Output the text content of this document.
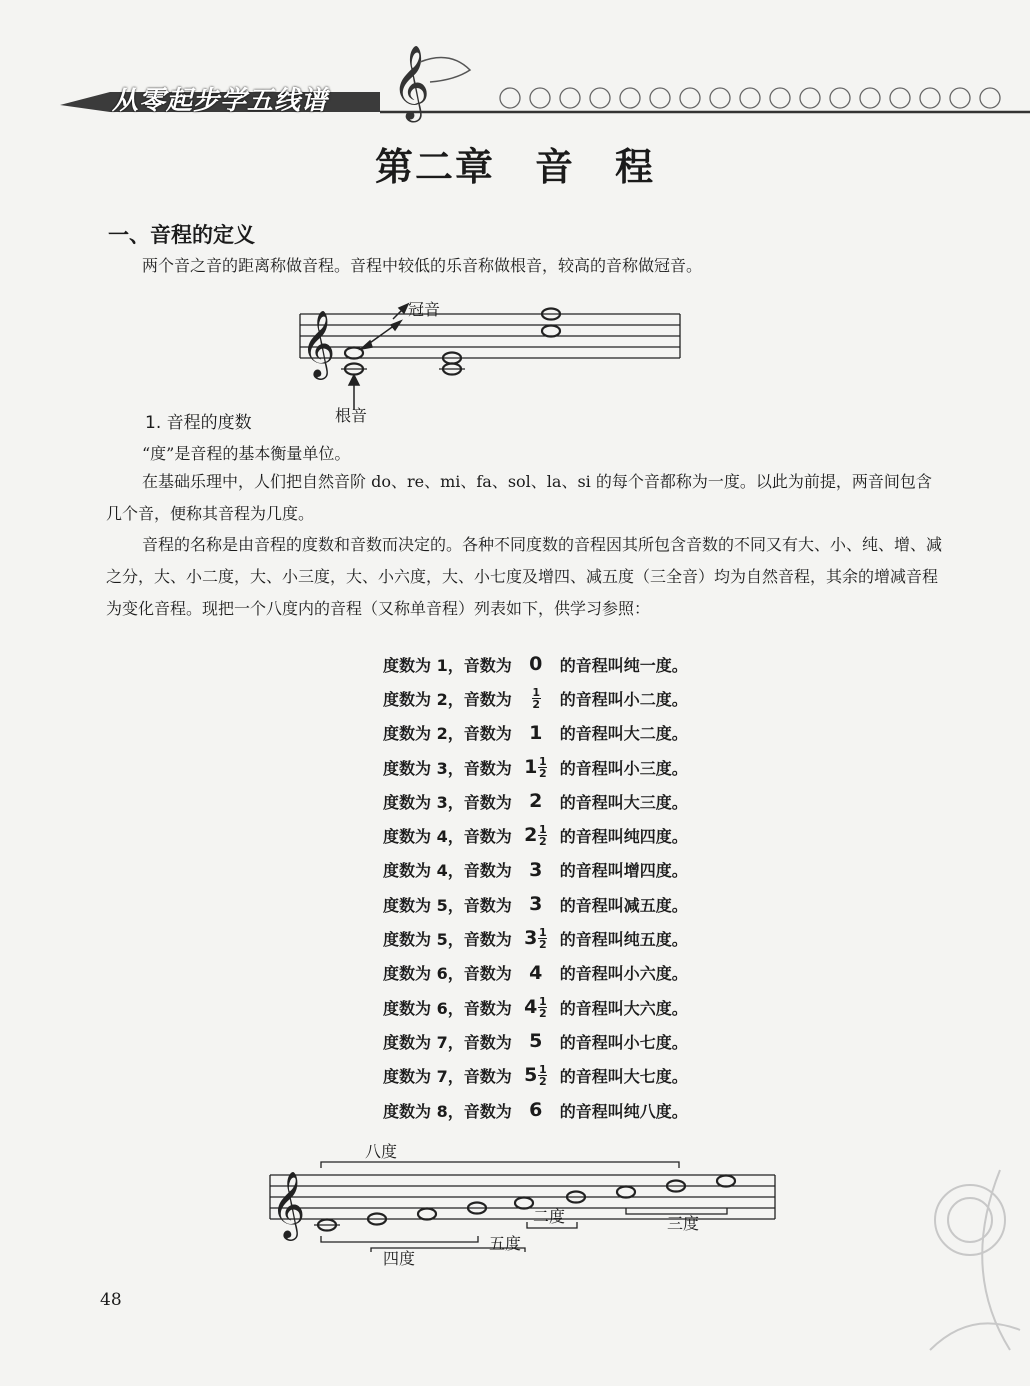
𝄞
从零起步学五线谱
第二章　音　程
一、音程的定义
两个音之音的距离称做音程。音程中较低的乐音称做根音，较高的音称做冠音。
𝄞	冠音
根音
1. 音程的度数
“度”是音程的基本衡量单位。
在基础乐理中，人们把自然音阶 do、re、mi、fa、sol、la、si 的每个音都称为一度。以此为前提，两音间包含几个音，便称其音程为几度。
音程的名称是由音程的度数和音数而决定的。各种不同度数的音程因其所包含音数的不同又有大、小、纯、增、减之分，大、小二度，大、小三度，大、小六度，大、小七度及增四、减五度（三全音）均为自然音程，其余的增减音程为变化音程。现把一个八度内的音程（又称单音程）列表如下，供学习参照：
度数为 1，音数为 0	的音程叫纯一度。
度数为 2，音数为 $\frac{1}{2}$ 的音程叫小二度。
度数为 2，音数为 1	的音程叫大二度。
度数为 3，音数为 $1 \frac{1}{2}$ 的音程叫小三度。
度数为 3，音数为 2	的音程叫大三度。
度数为 4，音数为 $2 \frac{1}{2}$ 的音程叫纯四度。
度数为 4，音数为 3	的音程叫增四度。
度数为 5，音数为 3	的音程叫减五度。
度数为 5，音数为 $3 \frac{1}{2}$ 的音程叫纯五度。
度数为 6，音数为 4	的音程叫小六度。
度数为 6，音数为 $4 \frac{1}{2}$ 的音程叫大六度。
度数为 7，音数为 5	的音程叫小七度。
度数为 7，音数为 $5 \frac{1}{2}$ 的音程叫大七度。
度数为 8，音数为 6	的音程叫纯八度。
𝄞
八度
四度
五度
二度	三度
48
